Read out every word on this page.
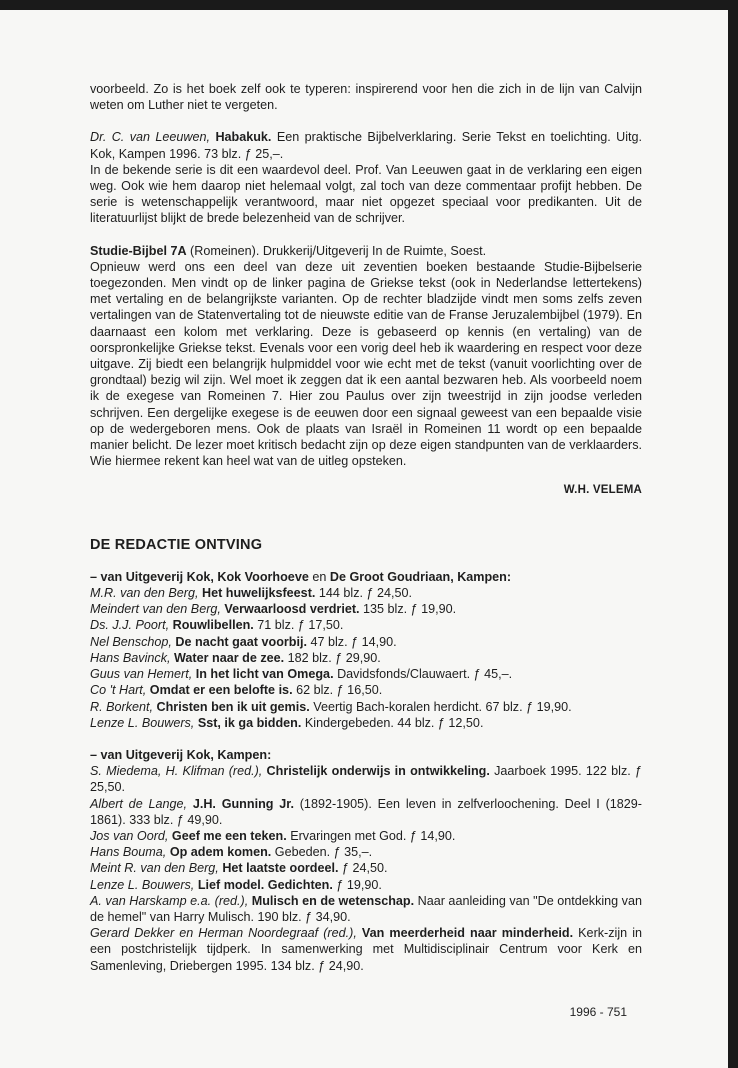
voorbeeld. Zo is het boek zelf ook te typeren: inspirerend voor hen die zich in de lijn van Calvijn weten om Luther niet te vergeten.

Dr. C. van Leeuwen, Habakuk. Een praktische Bijbelverklaring. Serie Tekst en toelichting. Uitg. Kok, Kampen 1996. 73 blz. ƒ 25,–.
In de bekende serie is dit een waardevol deel. Prof. Van Leeuwen gaat in de verklaring een eigen weg. Ook wie hem daarop niet helemaal volgt, zal toch van deze commentaar profijt hebben. De serie is wetenschappelijk verantwoord, maar niet opgezet speciaal voor predikanten. Uit de literatuurlijst blijkt de brede belezenheid van de schrijver.

Studie-Bijbel 7A (Romeinen). Drukkerij/Uitgeverij In de Ruimte, Soest.
Opnieuw werd ons een deel van deze uit zeventien boeken bestaande Studie-Bijbelserie toegezonden. Men vindt op de linker pagina de Griekse tekst (ook in Nederlandse lettertekens) met vertaling en de belangrijkste varianten. Op de rechter bladzijde vindt men soms zelfs zeven vertalingen van de Statenvertaling tot de nieuwste editie van de Franse Jeruzalembijbel (1979). En daarnaast een kolom met verklaring. Deze is gebaseerd op kennis (en vertaling) van de oorspronkelijke Griekse tekst. Evenals voor een vorig deel heb ik waardering en respect voor deze uitgave. Zij biedt een belangrijk hulpmiddel voor wie echt met de tekst (vanuit voorlichting over de grondtaal) bezig wil zijn. Wel moet ik zeggen dat ik een aantal bezwaren heb. Als voorbeeld noem ik de exegese van Romeinen 7. Hier zou Paulus over zijn tweestrijd in zijn joodse verleden schrijven. Een dergelijke exegese is de eeuwen door een signaal geweest van een bepaalde visie op de wedergeboren mens. Ook de plaats van Israël in Romeinen 11 wordt op een bepaalde manier belicht. De lezer moet kritisch bedacht zijn op deze eigen standpunten van de verklaarders. Wie hiermee rekent kan heel wat van de uitleg opsteken.

W.H. VELEMA
DE REDACTIE ONTVING
– van Uitgeverij Kok, Kok Voorhoeve en De Groot Goudriaan, Kampen:
M.R. van den Berg, Het huwelijksfeest. 144 blz. ƒ 24,50.
Meindert van den Berg, Verwaarloosd verdriet. 135 blz. ƒ 19,90.
Ds. J.J. Poort, Rouwlibellen. 71 blz. ƒ 17,50.
Nel Benschop, De nacht gaat voorbij. 47 blz. ƒ 14,90.
Hans Bavinck, Water naar de zee. 182 blz. ƒ 29,90.
Guus van Hemert, In het licht van Omega. Davidsfonds/Clauwaert. ƒ 45,–.
Co 't Hart, Omdat er een belofte is. 62 blz. ƒ 16,50.
R. Borkent, Christen ben ik uit gemis. Veertig Bach-koralen herdicht. 67 blz. ƒ 19,90.
Lenze L. Bouwers, Sst, ik ga bidden. Kindergebeden. 44 blz. ƒ 12,50.
– van Uitgeverij Kok, Kampen:

S. Miedema, H. Klifman (red.), Christelijk onderwijs in ontwikkeling. Jaarboek 1995. 122 blz. ƒ 25,50.

Albert de Lange, J.H. Gunning Jr. (1892-1905). Een leven in zelfverloochening. Deel I (1829-1861). 333 blz. ƒ 49,90.

Jos van Oord, Geef me een teken. Ervaringen met God. ƒ 14,90.

Hans Bouma, Op adem komen. Gebeden. ƒ 35,–.

Meint R. van den Berg, Het laatste oordeel. ƒ 24,50.

Lenze L. Bouwers, Lief model. Gedichten. ƒ 19,90.

A. van Harskamp e.a. (red.), Mulisch en de wetenschap. Naar aanleiding van "De ontdekking van de hemel" van Harry Mulisch. 190 blz. ƒ 34,90.

Gerard Dekker en Herman Noordegraaf (red.), Van meerderheid naar minderheid. Kerk-zijn in een postchristelijk tijdperk. In samenwerking met Multidisciplinair Centrum voor Kerk en Samenleving, Driebergen 1995. 134 blz. ƒ 24,90.

1996 - 751
